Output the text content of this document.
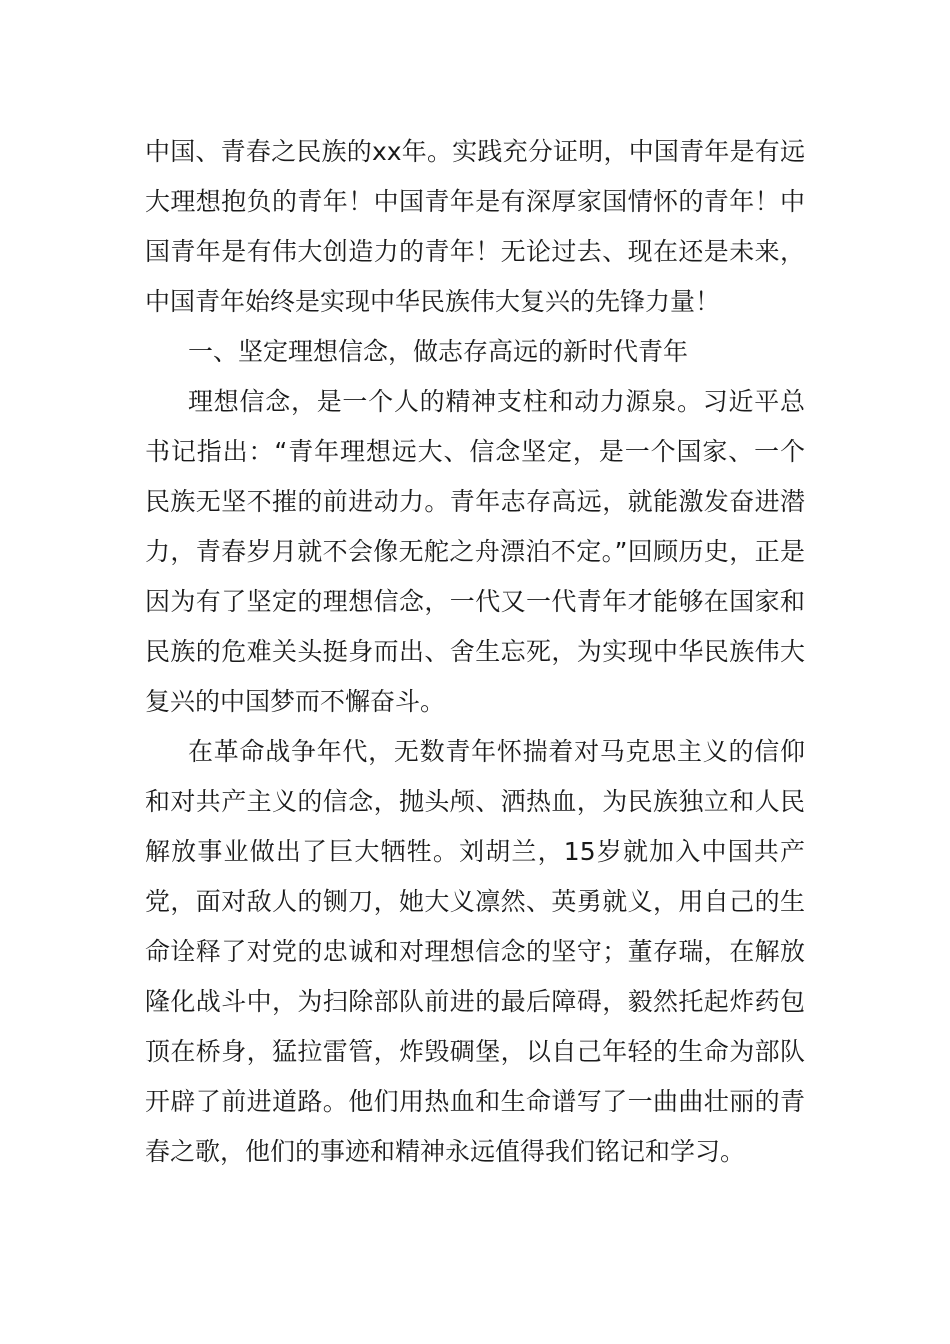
中国、青春之民族的xx年。实践充分证明，中国青年是有远大理想抱负的青年！中国青年是有深厚家国情怀的青年！中国青年是有伟大创造力的青年！无论过去、现在还是未来，中国青年始终是实现中华民族伟大复兴的先锋力量！

一、坚定理想信念，做志存高远的新时代青年

理想信念，是一个人的精神支柱和动力源泉。习近平总书记指出：“青年理想远大、信念坚定，是一个国家、一个民族无坚不摧的前进动力。青年志存高远，就能激发奋进潜力，青春岁月就不会像无舵之舟漂泊不定。”回顾历史，正是因为有了坚定的理想信念，一代又一代青年才能够在国家和民族的危难关头挺身而出、舍生忘死，为实现中华民族伟大复兴的中国梦而不懈奋斗。

在革命战争年代，无数青年怀揣着对马克思主义的信仰和对共产主义的信念，抛头颅、洒热血，为民族独立和人民解放事业做出了巨大牺牲。刘胡兰，15岁就加入中国共产党，面对敌人的铡刀，她大义凛然、英勇就义，用自己的生命诠释了对党的忠诚和对理想信念的坚守；董存瑞，在解放隆化战斗中，为扫除部队前进的最后障碍，毅然托起炸药包顶在桥身，猛拉雷管，炸毁碉堡，以自己年轻的生命为部队开辟了前进道路。他们用热血和生命谱写了一曲曲壮丽的青春之歌，他们的事迹和精神永远值得我们铭记和学习。
